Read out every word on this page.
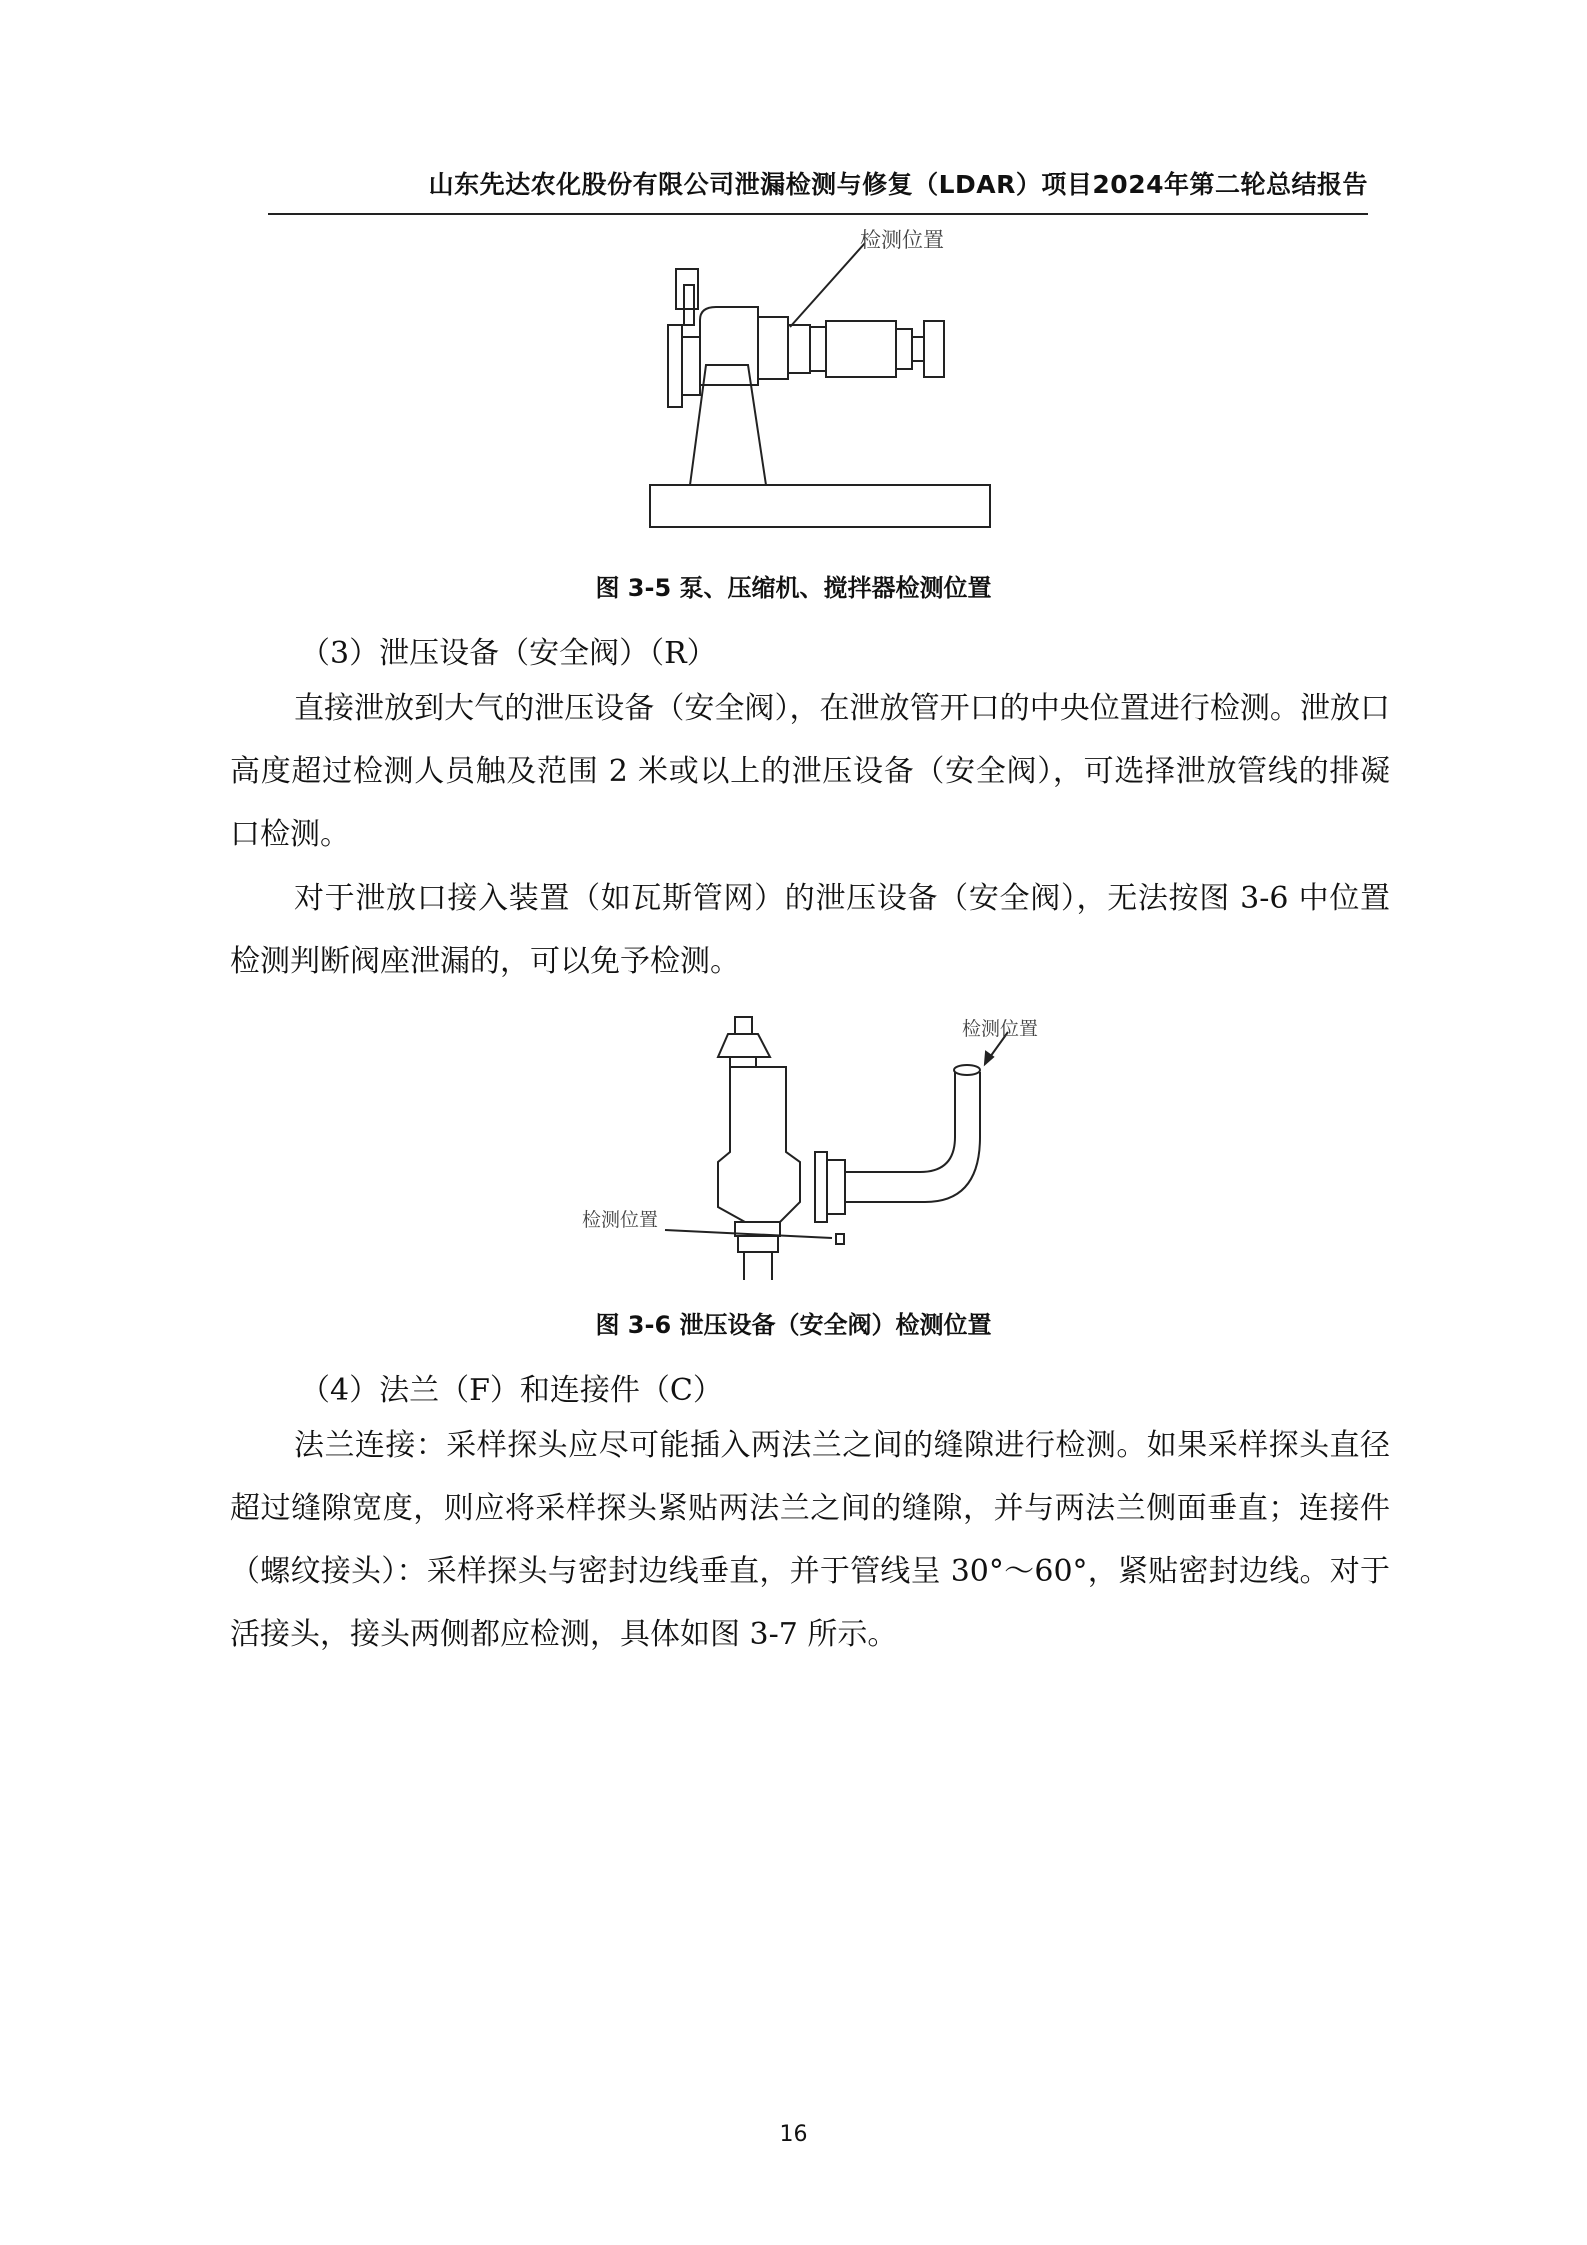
山东先达农化股份有限公司泄漏检测与修复（LDAR）项目2024年第二轮总结报告
检测位置
图 3-5 泵、压缩机、搅拌器检测位置
（3）泄压设备（安全阀）（R）

直接泄放到大气的泄压设备（安全阀），在泄放管开口的中央位置进行检测。泄放口高度超过检测人员触及范围 2 米或以上的泄压设备（安全阀），可选择泄放管线的排凝口检测。

对于泄放口接入装置（如瓦斯管网）的泄压设备（安全阀），无法按图 3-6 中位置检测判断阀座泄漏的，可以免予检测。

检测位置
检测位置
图 3-6 泄压设备（安全阀）检测位置
（4）法兰（F）和连接件（C）

法兰连接：采样探头应尽可能插入两法兰之间的缝隙进行检测。如果采样探头直径超过缝隙宽度，则应将采样探头紧贴两法兰之间的缝隙，并与两法兰侧面垂直；连接件（螺纹接头）：采样探头与密封边线垂直，并于管线呈 30°～60°，紧贴密封边线。对于活接头，接头两侧都应检测，具体如图 3-7 所示。

16
